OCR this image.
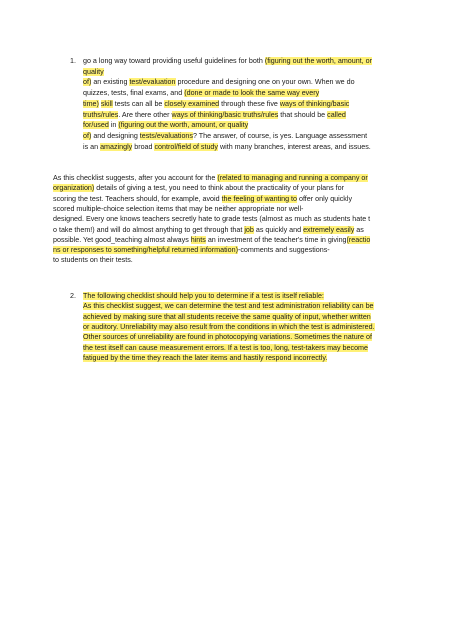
1. go a long way toward providing useful guidelines for both (figuring out the worth, amount, or
quality
of) an existing test/evaluation procedure and designing one on your own. When we do
quizzes, tests, final exams, and (done or made to look the same way every
time) skill tests can all be closely examined through these five ways of thinking/basic
truths/rules. Are there other ways of thinking/basic truths/rules that should be called
for/used in (figuring out the worth, amount, or quality
of) and designing tests/evaluations? The answer, of course, is yes. Language assessment
is an amazingly broad control/field of study with many branches, interest areas, and issues.
As this checklist suggests, after you account for the (related to managing and running a company or
organization) details of giving a test, you need to think about the practicality of your plans for
scoring the test. Teachers should, for example, avoid the feeling of wanting to offer only quickly
scored multiple-choice selection items that may be neither appropriate nor well-
designed. Every one knows teachers secretly hate to grade tests (almost as much as students hate t
o take them!) and will do almost anything to get through that job as quickly and extremely easily as
possible. Yet good_teaching almost always hints an investment of the teacher's time in giving(reactio
ns or responses to something/helpful returned information)-comments and suggestions-
to students on their tests.
2. The following checklist should help you to determine if a test is itself reliable:
As this checklist suggest, we can determine the test and test administration reliability can be
achieved by making sure that all students receive the same quality of input, whether written
or auditory. Unreliability may also result from the conditions in which the test is administered.
Other sources of unreliability are found in photocopying variations. Sometimes the nature of
the test itself can cause measurement errors. If a test is too, long, test-takers may become
fatigued by the time they reach the later items and hastily respond incorrectly.
